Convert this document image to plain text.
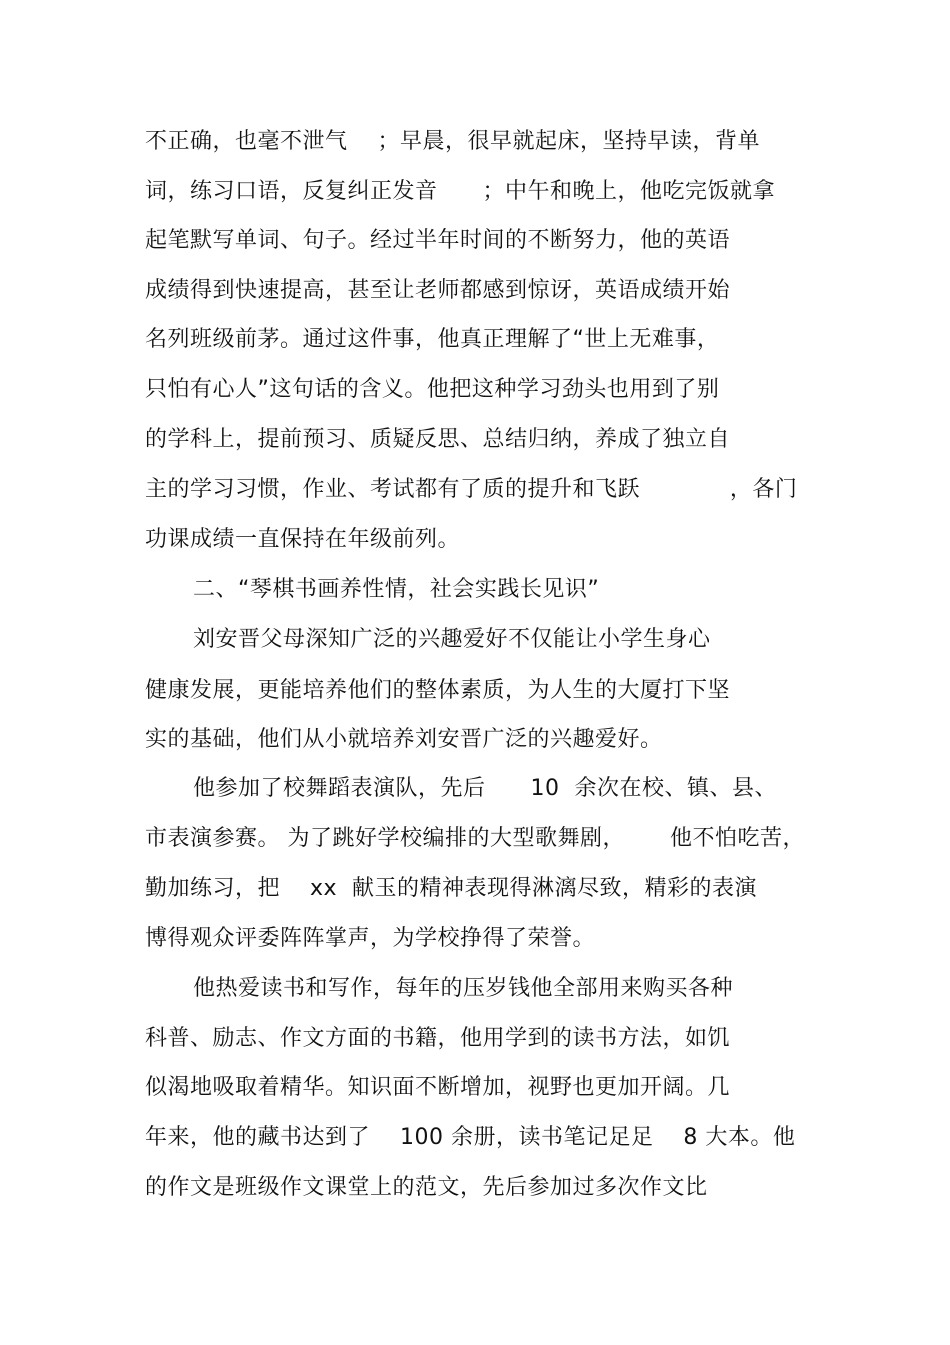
不正确，也毫不泄气    ；早晨，很早就起床，坚持早读，背单
词，练习口语，反复纠正发音      ；中午和晚上，他吃完饭就拿
起笔默写单词、句子。经过半年时间的不断努力，他的英语
成绩得到快速提高，甚至让老师都感到惊讶，英语成绩开始
名列班级前茅。通过这件事，他真正理解了“世上无难事，
只怕有心人”这句话的含义。他把这种学习劲头也用到了别
的学科上，提前预习、质疑反思、总结归纳，养成了独立自
主的学习习惯，作业、考试都有了质的提升和飞跃            ，各门
功课成绩一直保持在年级前列。
二、“琴棋书画养性情，社会实践长见识”
刘安晋父母深知广泛的兴趣爱好不仅能让小学生身心
健康发展，更能培养他们的整体素质，为人生的大厦打下坚
实的基础，他们从小就培养刘安晋广泛的兴趣爱好。
他参加了校舞蹈表演队，先后      10  余次在校、镇、县、
市表演参赛。 为了跳好学校编排的大型歌舞剧，      他不怕吃苦，
勤加练习，把    xx  献玉的精神表现得淋漓尽致，精彩的表演
博得观众评委阵阵掌声，为学校挣得了荣誉。
他热爱读书和写作，每年的压岁钱他全部用来购买各种
科普、励志、作文方面的书籍，他用学到的读书方法，如饥
似渴地吸取着精华。知识面不断增加，视野也更加开阔。几
年来，他的藏书达到了    100 余册，读书笔记足足    8 大本。他
的作文是班级作文课堂上的范文，先后参加过多次作文比
